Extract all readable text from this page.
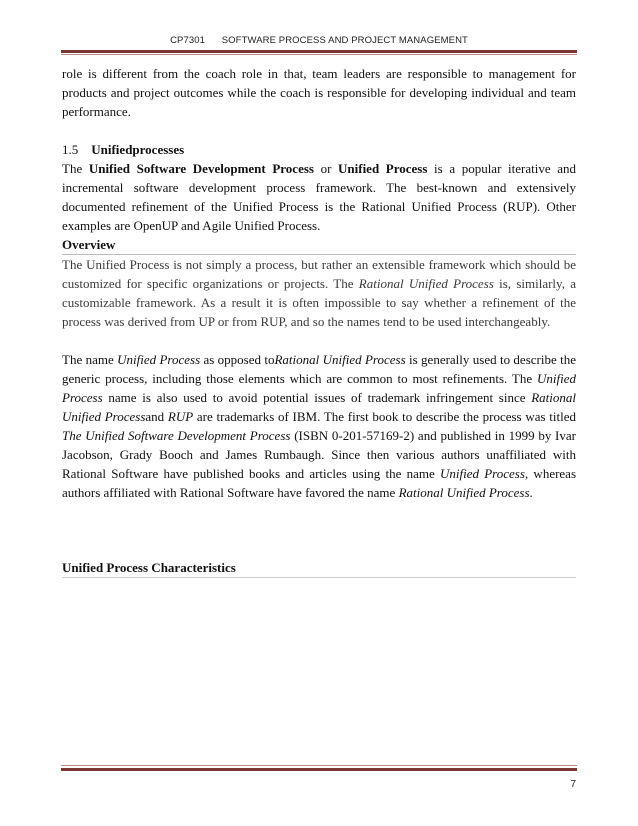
CP7301 SOFTWARE PROCESS AND PROJECT MANAGEMENT

role is different from the coach role in that, team leaders are responsible to management for products and project outcomes while the coach is responsible for developing individual and team performance.

1.5 Unifiedprocesses

The Unified Software Development Process or Unified Process is a popular iterative and incremental software development process framework. The best-known and extensively documented refinement of the Unified Process is the Rational Unified Process (RUP). Other examples are OpenUP and Agile Unified Process.

Overview

The Unified Process is not simply a process, but rather an extensible framework which should be customized for specific organizations or projects. The Rational Unified Process is, similarly, a customizable framework. As a result it is often impossible to say whether a refinement of the process was derived from UP or from RUP, and so the names tend to be used interchangeably.

The name Unified Process as opposed toRational Unified Process is generally used to describe the generic process, including those elements which are common to most refinements. The Unified Process name is also used to avoid potential issues of trademark infringement since Rational Unified Processand RUP are trademarks of IBM. The first book to describe the process was titled The Unified Software Development Process (ISBN 0-201-57169-2) and published in 1999 by Ivar Jacobson, Grady Booch and James Rumbaugh. Since then various authors unaffiliated with Rational Software have published books and articles using the name Unified Process, whereas authors affiliated with Rational Software have favored the name Rational Unified Process.

Unified Process Characteristics
7
